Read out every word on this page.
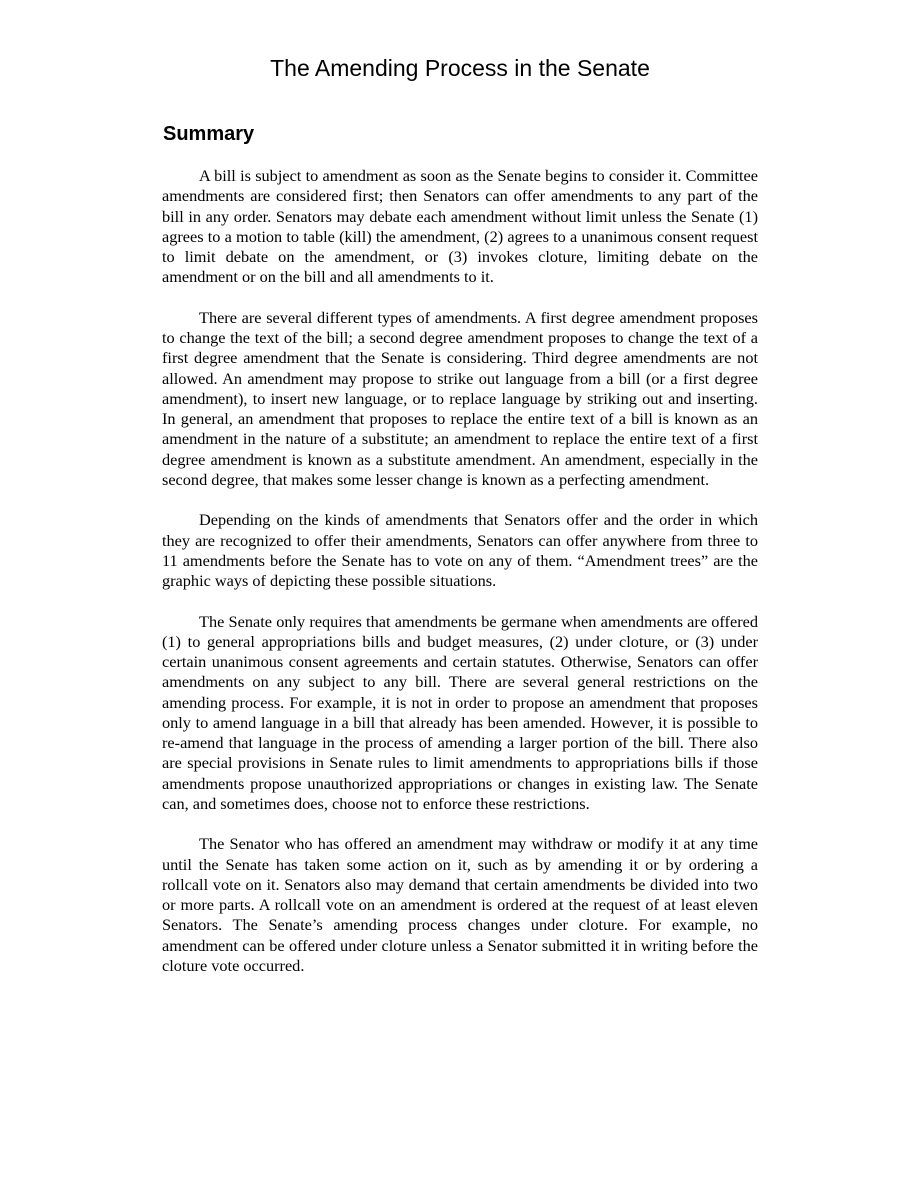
The Amending Process in the Senate
Summary

A bill is subject to amendment as soon as the Senate begins to consider it. Committee amendments are considered first; then Senators can offer amendments to any part of the bill in any order. Senators may debate each amendment without limit unless the Senate (1) agrees to a motion to table (kill) the amendment, (2) agrees to a unanimous consent request to limit debate on the amendment, or (3) invokes cloture, limiting debate on the amendment or on the bill and all amendments to it.

There are several different types of amendments. A first degree amendment proposes to change the text of the bill; a second degree amendment proposes to change the text of a first degree amendment that the Senate is considering. Third degree amendments are not allowed. An amendment may propose to strike out language from a bill (or a first degree amendment), to insert new language, or to replace language by striking out and inserting. In general, an amendment that proposes to replace the entire text of a bill is known as an amendment in the nature of a substitute; an amendment to replace the entire text of a first degree amendment is known as a substitute amendment. An amendment, especially in the second degree, that makes some lesser change is known as a perfecting amendment.

Depending on the kinds of amendments that Senators offer and the order in which they are recognized to offer their amendments, Senators can offer anywhere from three to 11 amendments before the Senate has to vote on any of them. “Amendment trees” are the graphic ways of depicting these possible situations.

The Senate only requires that amendments be germane when amendments are offered (1) to general appropriations bills and budget measures, (2) under cloture, or (3) under certain unanimous consent agreements and certain statutes. Otherwise, Senators can offer amendments on any subject to any bill. There are several general restrictions on the amending process. For example, it is not in order to propose an amendment that proposes only to amend language in a bill that already has been amended. However, it is possible to re-amend that language in the process of amending a larger portion of the bill. There also are special provisions in Senate rules to limit amendments to appropriations bills if those amendments propose unauthorized appropriations or changes in existing law. The Senate can, and sometimes does, choose not to enforce these restrictions.

The Senator who has offered an amendment may withdraw or modify it at any time until the Senate has taken some action on it, such as by amending it or by ordering a rollcall vote on it. Senators also may demand that certain amendments be divided into two or more parts. A rollcall vote on an amendment is ordered at the request of at least eleven Senators. The Senate’s amending process changes under cloture. For example, no amendment can be offered under cloture unless a Senator submitted it in writing before the cloture vote occurred.
